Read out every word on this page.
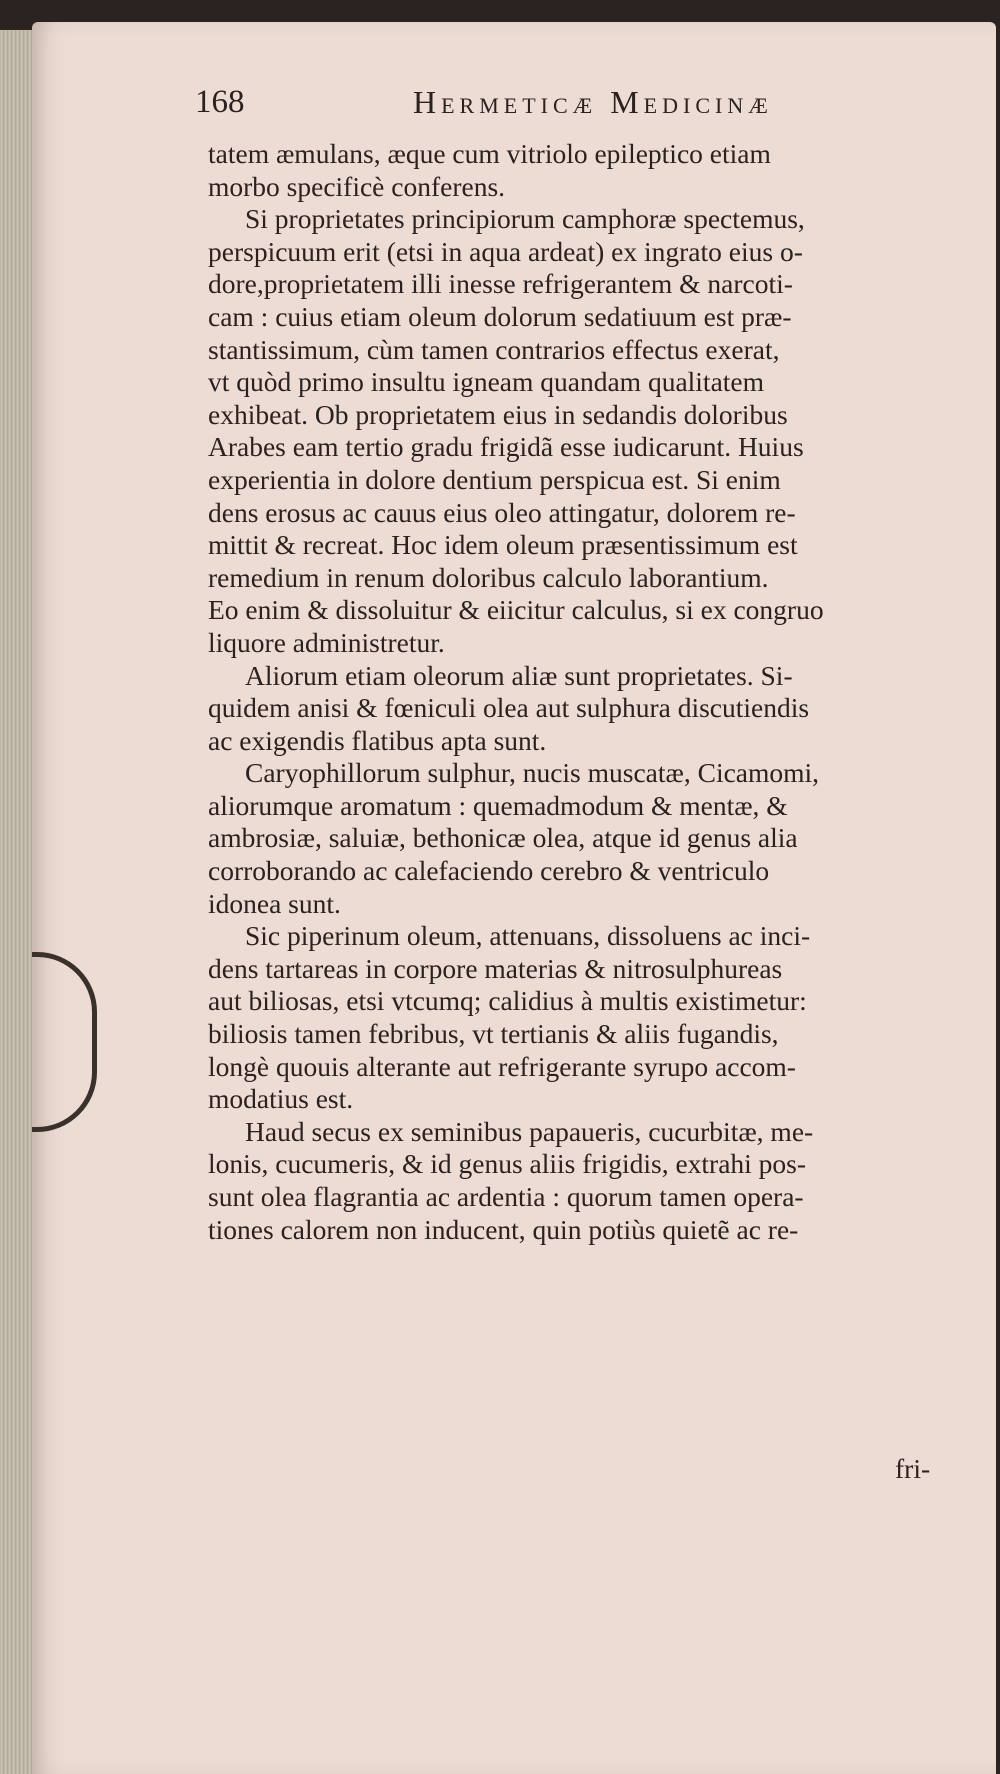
168	Hermeticæ Medicinæ
tatem æmulans, æque cum vitriolo epileptico etiam
morbo specificè conferens.
Si proprietates principiorum camphoræ spectemus,
perspicuum erit (etsi in aqua ardeat) ex ingrato eius o-
dore,proprietatem illi inesse refrigerantem & narcoti-
cam : cuius etiam oleum dolorum sedatiuum est præ-
stantissimum, cùm tamen contrarios effectus exerat,
vt quòd primo insultu igneam quandam qualitatem
exhibeat. Ob proprietatem eius in sedandis doloribus
Arabes eam tertio gradu frigidã esse iudicarunt. Huius
experientia in dolore dentium perspicua est. Si enim
dens erosus ac cauus eius oleo attingatur, dolorem re-
mittit & recreat. Hoc idem oleum præsentissimum est
remedium in renum doloribus calculo laborantium.
Eo enim & dissoluitur & eiicitur calculus, si ex congruo
liquore administretur.
Aliorum etiam oleorum aliæ sunt proprietates. Si-
quidem anisi & fœniculi olea aut sulphura discutiendis
ac exigendis flatibus apta sunt.
Caryophillorum sulphur, nucis muscatæ, Cicamomi,
aliorumque aromatum : quemadmodum & mentæ, &
ambrosiæ, saluiæ, bethonicæ olea, atque id genus alia
corroborando ac calefaciendo cerebro & ventriculo
idonea sunt.
Sic piperinum oleum, attenuans, dissoluens ac inci-
dens tartareas in corpore materias & nitrosulphureas
aut biliosas, etsi vtcumq; calidius à multis existimetur:
biliosis tamen febribus, vt tertianis & aliis fugandis,
longè quouis alterante aut refrigerante syrupo accom-
modatius est.
Haud secus ex seminibus papaueris, cucurbitæ, me-
lonis, cucumeris, & id genus aliis frigidis, extrahi pos-
sunt olea flagrantia ac ardentia : quorum tamen opera-
tiones calorem non inducent, quin potiùs quietẽ ac re-
fri-
